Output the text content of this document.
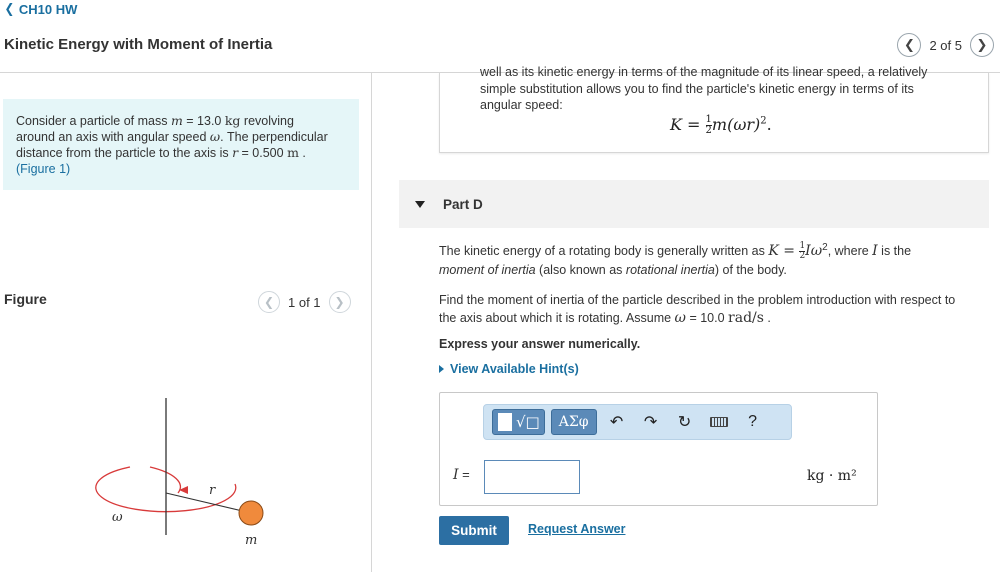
❮ CH10 HW
Kinetic Energy with Moment of Inertia	❮ 2 of 5 ❯
Consider a particle of mass m = 13.0 kg revolving
around an axis with angular speed ω. The perpendicular
distance from the particle to the axis is r = 0.500 m .
(Figure 1)
Figure	❮ 1 of 1 ❯
r
m
ω
well as its kinetic energy in terms of the magnitude of its linear speed, a relatively
simple substitution allows you to find the particle's kinetic energy in terms of its angular speed:
$K = \frac{1}{2} m(\omega r)^2$.
Part D
The kinetic energy of a rotating body is generally written as $K = \frac{1}{2} I\omega^2$, where I is the
moment of inertia (also known as rotational inertia) of the body.
Find the moment of inertia of the particle described in the problem introduction with respect to
the axis about which it is rotating. Assume ω = 10.0 rad/s .
Express your answer numerically.
View Available Hint(s)
√□	ΑΣφ	↶ ↷ ↻	?
I =	kg · m²
Submit	Request Answer
